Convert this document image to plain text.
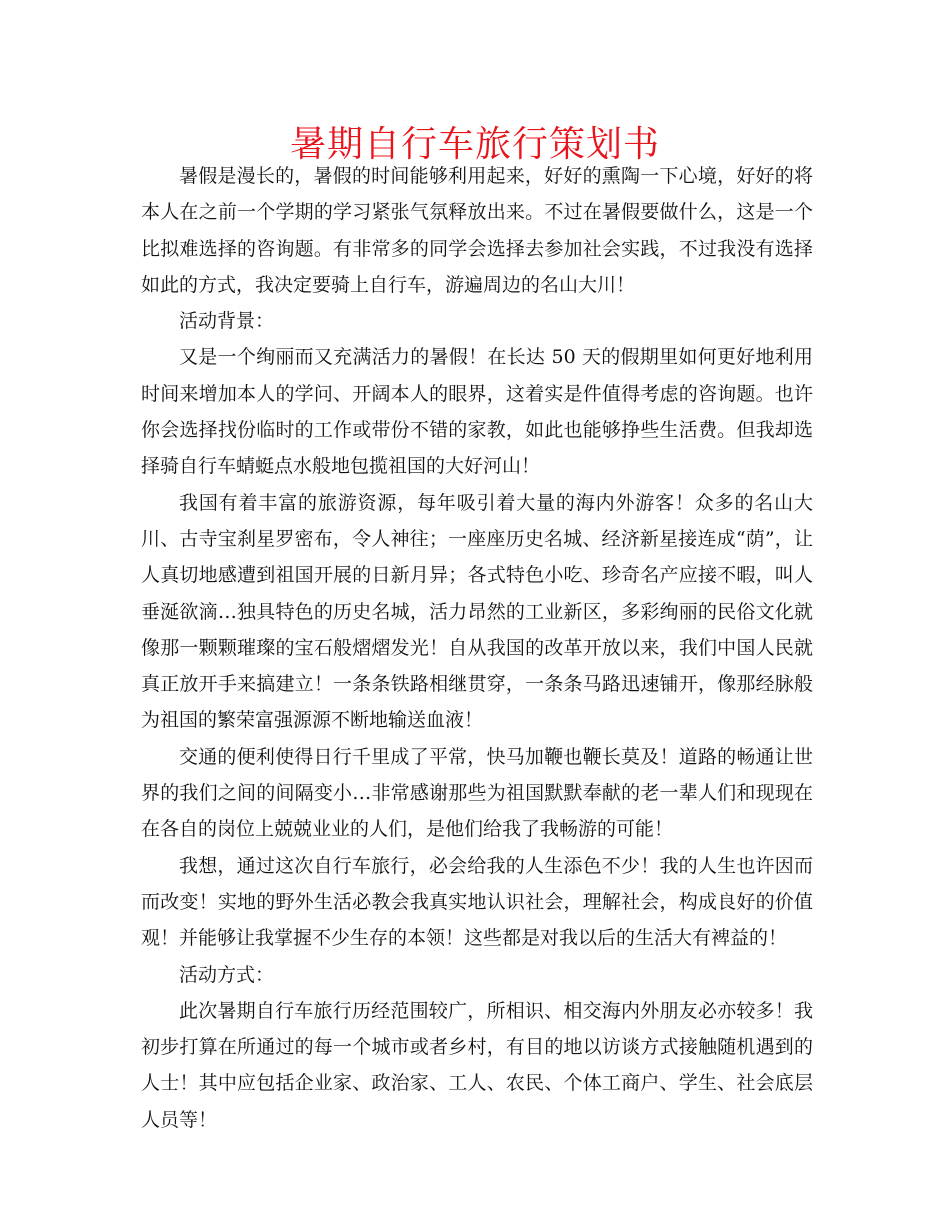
暑期自行车旅行策划书

暑假是漫长的，暑假的时间能够利用起来，好好的熏陶一下心境，好好的将本人在之前一个学期的学习紧张气氛释放出来。不过在暑假要做什么，这是一个比拟难选择的咨询题。有非常多的同学会选择去参加社会实践，不过我没有选择如此的方式，我决定要骑上自行车，游遍周边的名山大川！

活动背景：

又是一个绚丽而又充满活力的暑假！在长达 50 天的假期里如何更好地利用时间来增加本人的学问、开阔本人的眼界，这着实是件值得考虑的咨询题。也许你会选择找份临时的工作或带份不错的家教，如此也能够挣些生活费。但我却选择骑自行车蜻蜓点水般地包揽祖国的大好河山！

我国有着丰富的旅游资源，每年吸引着大量的海内外游客！众多的名山大川、古寺宝刹星罗密布，令人神往；一座座历史名城、经济新星接连成“荫”，让人真切地感遭到祖国开展的日新月异；各式特色小吃、珍奇名产应接不暇，叫人垂涎欲滴…独具特色的历史名城，活力昂然的工业新区，多彩绚丽的民俗文化就像那一颗颗璀璨的宝石般熠熠发光！自从我国的改革开放以来，我们中国人民就真正放开手来搞建立！一条条铁路相继贯穿，一条条马路迅速铺开，像那经脉般为祖国的繁荣富强源源不断地输送血液！

交通的便利使得日行千里成了平常，快马加鞭也鞭长莫及！道路的畅通让世界的我们之间的间隔变小…非常感谢那些为祖国默默奉献的老一辈人们和现现在在各自的岗位上兢兢业业的人们，是他们给我了我畅游的可能！

我想，通过这次自行车旅行，必会给我的人生添色不少！我的人生也许因而而改变！实地的野外生活必教会我真实地认识社会，理解社会，构成良好的价值观！并能够让我掌握不少生存的本领！这些都是对我以后的生活大有裨益的！

活动方式：

此次暑期自行车旅行历经范围较广，所相识、相交海内外朋友必亦较多！我初步打算在所通过的每一个城市或者乡村，有目的地以访谈方式接触随机遇到的人士！其中应包括企业家、政治家、工人、农民、个体工商户、学生、社会底层人员等！
